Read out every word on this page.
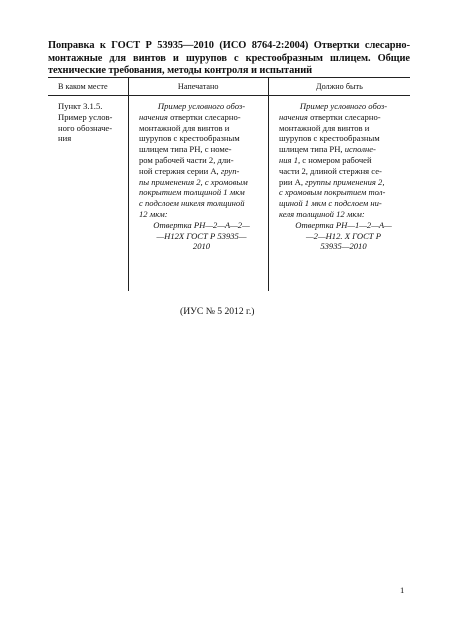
Поправка к ГОСТ Р 53935—2010 (ИСО 8764-2:2004) Отвертки слесарно-монтажные для винтов и шурупов с крестообразным шлицем. Общие технические требования, методы контроля и испытаний
В каком месте	Напечатано	Должно быть
Пункт 3.1.5.
Пример услов-
ного обозначе-
ния
Пример условного обоз-
начения отвертки слесарно-
монтажной для винтов и
шурупов с крестообразным
шлицем типа PH, с номе-
ром рабочей части 2, дли-
ной стержня серии А, груп-
пы применения 2, с хромовым
покрытием толщиной 1 мкм
с подслоем никеля толщиной
12 мкм:
Отвертка PH—2—А—2—
—Н12Х ГОСТ Р 53935—
2010
Пример условного обоз-
начения отвертки слесарно-
монтажной для винтов и
шурупов с крестообразным
шлицем типа PH, исполне-
ния 1, с номером рабочей
части 2, длиной стержня се-
рии А, группы применения 2,
с хромовым покрытием тол-
щиной 1 мкм с подслоем ни-
келя толщиной 12 мкм:
Отвертка PH—1—2—А—
—2—Н12. Х ГОСТ Р
53935—2010
(ИУС № 5 2012 г.)
1
